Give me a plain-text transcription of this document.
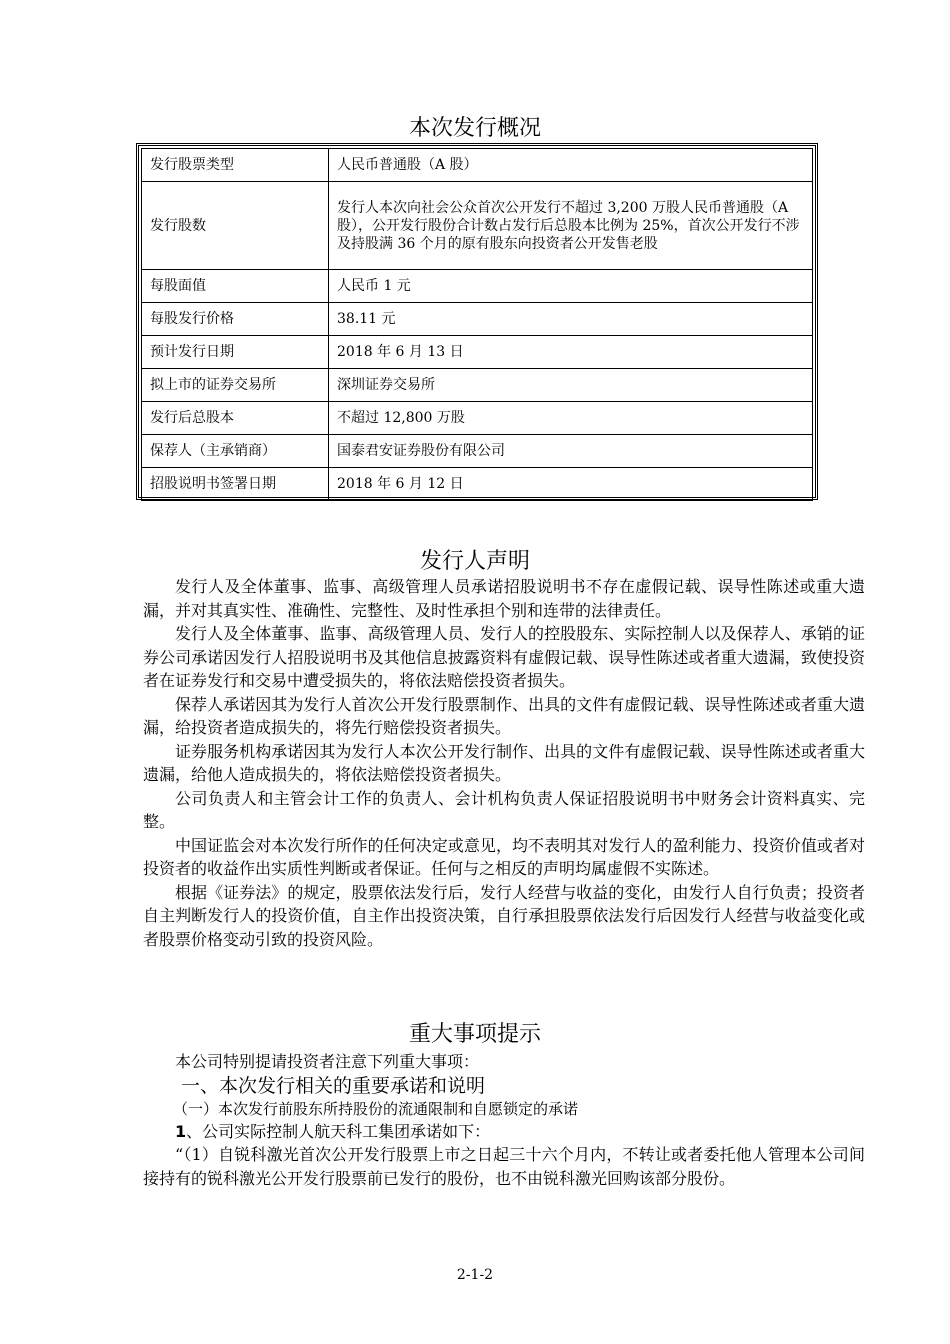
本次发行概况
发行股票类型	人民币普通股（A 股）
发行股数	发行人本次向社会公众首次公开发行不超过 3,200 万股人民币普通股（A 股），公开发行股份合计数占发行后总股本比例为 25%，首次公开发行不涉及持股满 36 个月的原有股东向投资者公开发售老股
每股面值	人民币 1 元
每股发行价格	38.11 元
预计发行日期	2018 年 6 月 13 日
拟上市的证券交易所	深圳证券交易所
发行后总股本	不超过 12,800 万股
保荐人（主承销商）	国泰君安证券股份有限公司
招股说明书签署日期	2018 年 6 月 12 日
发行人声明

发行人及全体董事、监事、高级管理人员承诺招股说明书不存在虚假记载、误导性陈述或重大遗漏，并对其真实性、准确性、完整性、及时性承担个别和连带的法律责任。

发行人及全体董事、监事、高级管理人员、发行人的控股股东、实际控制人以及保荐人、承销的证券公司承诺因发行人招股说明书及其他信息披露资料有虚假记载、误导性陈述或者重大遗漏，致使投资者在证券发行和交易中遭受损失的，将依法赔偿投资者损失。

保荐人承诺因其为发行人首次公开发行股票制作、出具的文件有虚假记载、误导性陈述或者重大遗漏，给投资者造成损失的，将先行赔偿投资者损失。

证券服务机构承诺因其为发行人本次公开发行制作、出具的文件有虚假记载、误导性陈述或者重大遗漏，给他人造成损失的，将依法赔偿投资者损失。

公司负责人和主管会计工作的负责人、会计机构负责人保证招股说明书中财务会计资料真实、完整。

中国证监会对本次发行所作的任何决定或意见，均不表明其对发行人的盈利能力、投资价值或者对投资者的收益作出实质性判断或者保证。任何与之相反的声明均属虚假不实陈述。

根据《证券法》的规定，股票依法发行后，发行人经营与收益的变化，由发行人自行负责；投资者自主判断发行人的投资价值，自主作出投资决策，自行承担股票依法发行后因发行人经营与收益变化或者股票价格变动引致的投资风险。

重大事项提示

本公司特别提请投资者注意下列重大事项：

一、本次发行相关的重要承诺和说明

（一）本次发行前股东所持股份的流通限制和自愿锁定的承诺

1、公司实际控制人航天科工集团承诺如下：

“（1）自锐科激光首次公开发行股票上市之日起三十六个月内，不转让或者委托他人管理本公司间接持有的锐科激光公开发行股票前已发行的股份，也不由锐科激光回购该部分股份。

2-1-2
